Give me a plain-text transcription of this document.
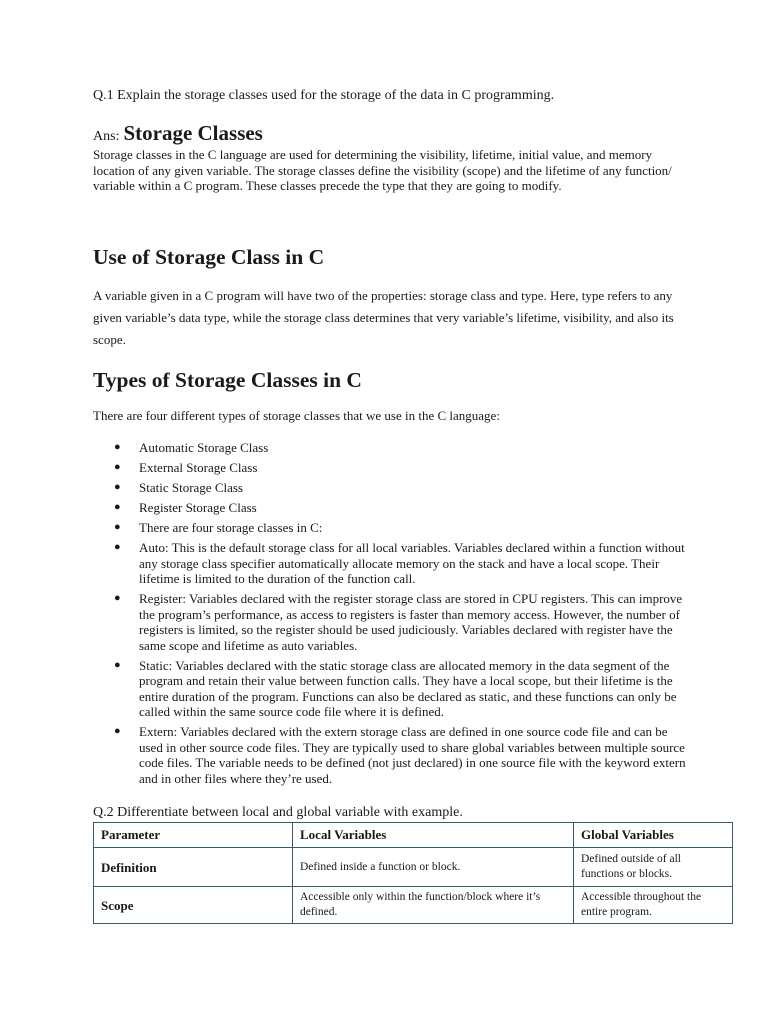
Q.1 Explain the storage classes used for the storage of the data in C programming.

Ans: Storage Classes

Storage classes in the C language are used for determining the visibility, lifetime, initial value, and memory location of any given variable. The storage classes define the visibility (scope) and the lifetime of any function/ variable within a C program. These classes precede the type that they are going to modify.

Use of Storage Class in C

A variable given in a C program will have two of the properties: storage class and type. Here, type refers to any given variable’s data type, while the storage class determines that very variable’s lifetime, visibility, and also its scope.

Types of Storage Classes in C

There are four different types of storage classes that we use in the C language:

● Automatic Storage Class
● External Storage Class
● Static Storage Class
● Register Storage Class
● There are four storage classes in C:
● Auto: This is the default storage class for all local variables. Variables declared within a function without any storage class specifier automatically allocate memory on the stack and have a local scope. Their lifetime is limited to the duration of the function call.
● Register: Variables declared with the register storage class are stored in CPU registers. This can improve the program’s performance, as access to registers is faster than memory access. However, the number of registers is limited, so the register should be used judiciously. Variables declared with register have the same scope and lifetime as auto variables.
● Static: Variables declared with the static storage class are allocated memory in the data segment of the program and retain their value between function calls. They have a local scope, but their lifetime is the entire duration of the program. Functions can also be declared as static, and these functions can only be called within the same source code file where it is defined.
● Extern: Variables declared with the extern storage class are defined in one source code file and can be used in other source code files. They are typically used to share global variables between multiple source code files. The variable needs to be defined (not just declared) in one source file with the keyword extern and in other files where they’re used.

Q.2 Differentiate between local and global variable with example.

Parameter	Local Variables	Global Variables
Definition	Defined inside a function or block.	Defined outside of all functions or blocks.
Scope	Accessible only within the function/block where it’s defined.	Accessible throughout the entire program.
